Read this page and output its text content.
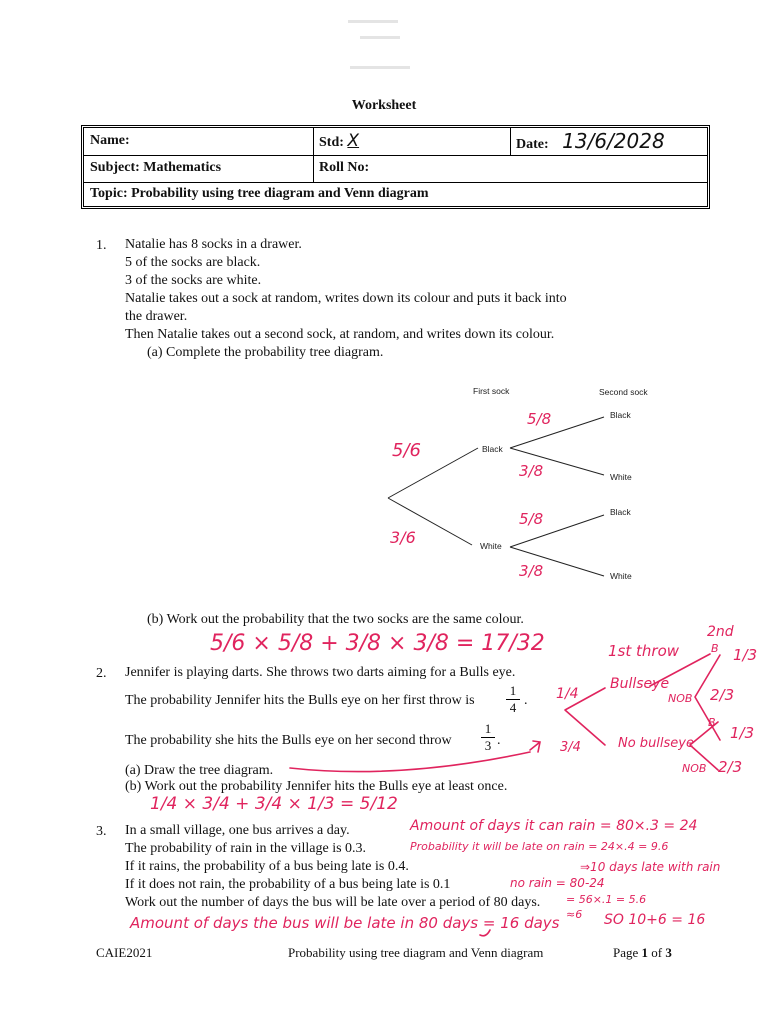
Worksheet
Name:	Std: X	Date: 13/6/2028
Subject: Mathematics	Roll No:
Topic: Probability using tree diagram and Venn diagram
1. Natalie has 8 socks in a drawer.
5 of the socks are black.
3 of the socks are white.
Natalie takes out a sock at random, writes down its colour and puts it back into
the drawer.
Then Natalie takes out a second sock, at random, and writes down its colour.
(a) Complete the probability tree diagram.
First sock	Second sock
Black
White
Black
White
Black
White
(b) Work out the probability that the two socks are the same colour.
2. Jennifer is playing darts. She throws two darts aiming for a Bulls eye.
The probability Jennifer hits the Bulls eye on her first throw is
1
4 .
The probability she hits the Bulls eye on her second throw
1
3 .
(a) Draw the tree diagram.
(b) Work out the probability Jennifer hits the Bulls eye at least once.
3. In a small village, one bus arrives a day.
The probability of rain in the village is 0.3.
If it rains, the probability of a bus being late is 0.4.
If it does not rain, the probability of a bus being late is 0.1
Work out the number of days the bus will be late over a period of 80 days.
CAIE2021	Probability using tree diagram and Venn diagram	Page 1 of 3
5/6
3/6
5/8
3/8
5/8
3/8
5/6 × 5/8 + 3/8 × 3/8 = 17/32	1st throw
2nd
B 1/3
Bullseye
NOB 2/3
1/4
3/4	No bullseye
B
1/3
NOB 2/3
1/4 × 3/4 + 3/4 × 1/3 = 5/12
Amount of days it can rain = 80×.3 = 24
Probability it will be late on rain = 24×.4 = 9.6
⇒10 days late with rain
no rain = 80-24
= 56×.1 = 5.6
≈6 SO 10+6 = 16
Amount of days the bus will be late in 80 days = 16 days
